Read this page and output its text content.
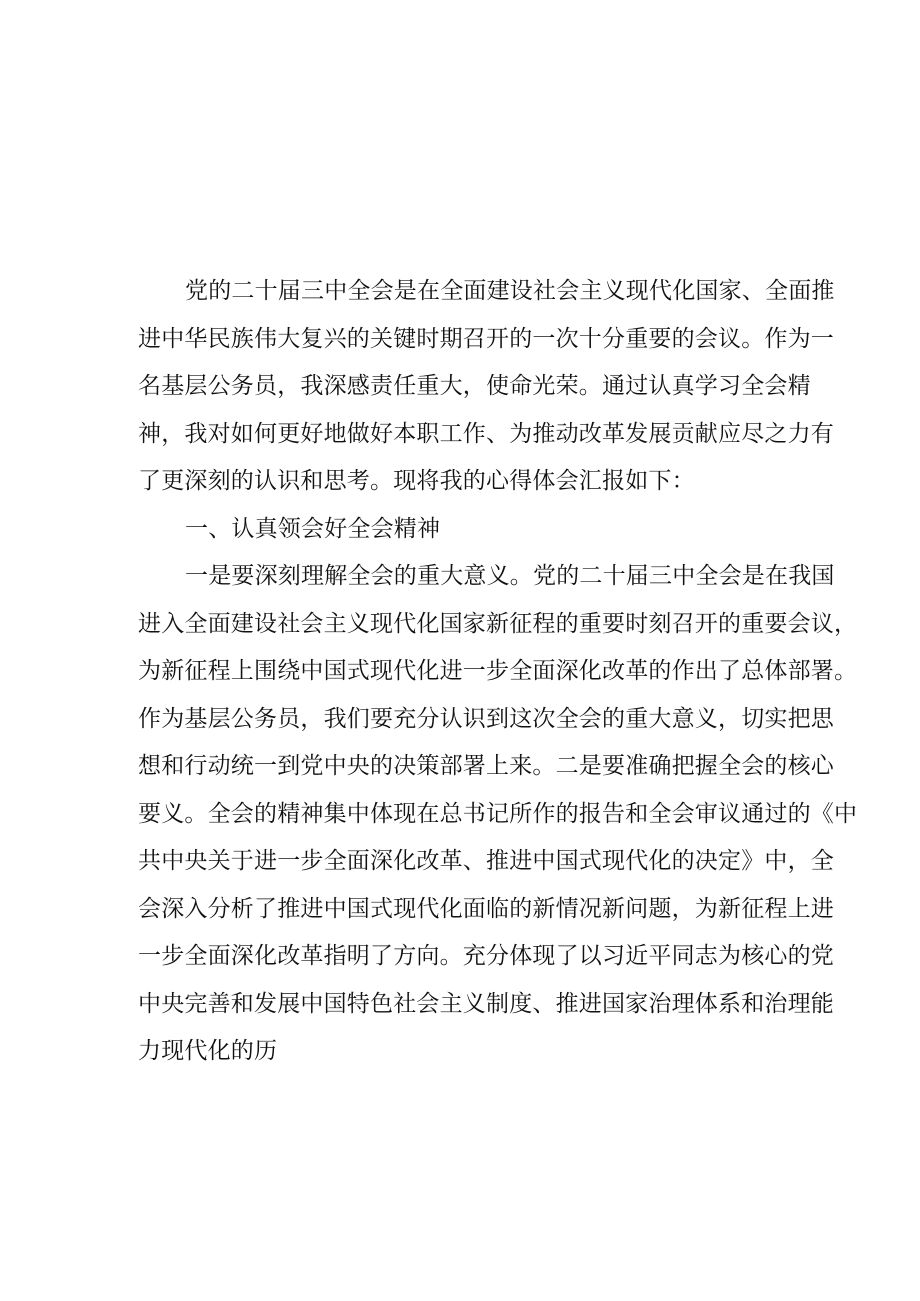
党的二十届三中全会是在全面建设社会主义现代化国家、全面推
进中华民族伟大复兴的关键时期召开的一次十分重要的会议。作为一
名基层公务员，我深感责任重大，使命光荣。通过认真学习全会精
神，我对如何更好地做好本职工作、为推动改革发展贡献应尽之力有
了更深刻的认识和思考。现将我的心得体会汇报如下：
一、认真领会好全会精神
一是要深刻理解全会的重大意义。党的二十届三中全会是在我国
进入全面建设社会主义现代化国家新征程的重要时刻召开的重要会议，
为新征程上围绕中国式现代化进一步全面深化改革的作出了总体部署。
作为基层公务员，我们要充分认识到这次全会的重大意义，切实把思
想和行动统一到党中央的决策部署上来。二是要准确把握全会的核心
要义。全会的精神集中体现在总书记所作的报告和全会审议通过的《中
共中央关于进一步全面深化改革、推进中国式现代化的决定》中，全
会深入分析了推进中国式现代化面临的新情况新问题，为新征程上进
一步全面深化改革指明了方向。充分体现了以习近平同志为核心的党
中央完善和发展中国特色社会主义制度、推进国家治理体系和治理能
力现代化的历
